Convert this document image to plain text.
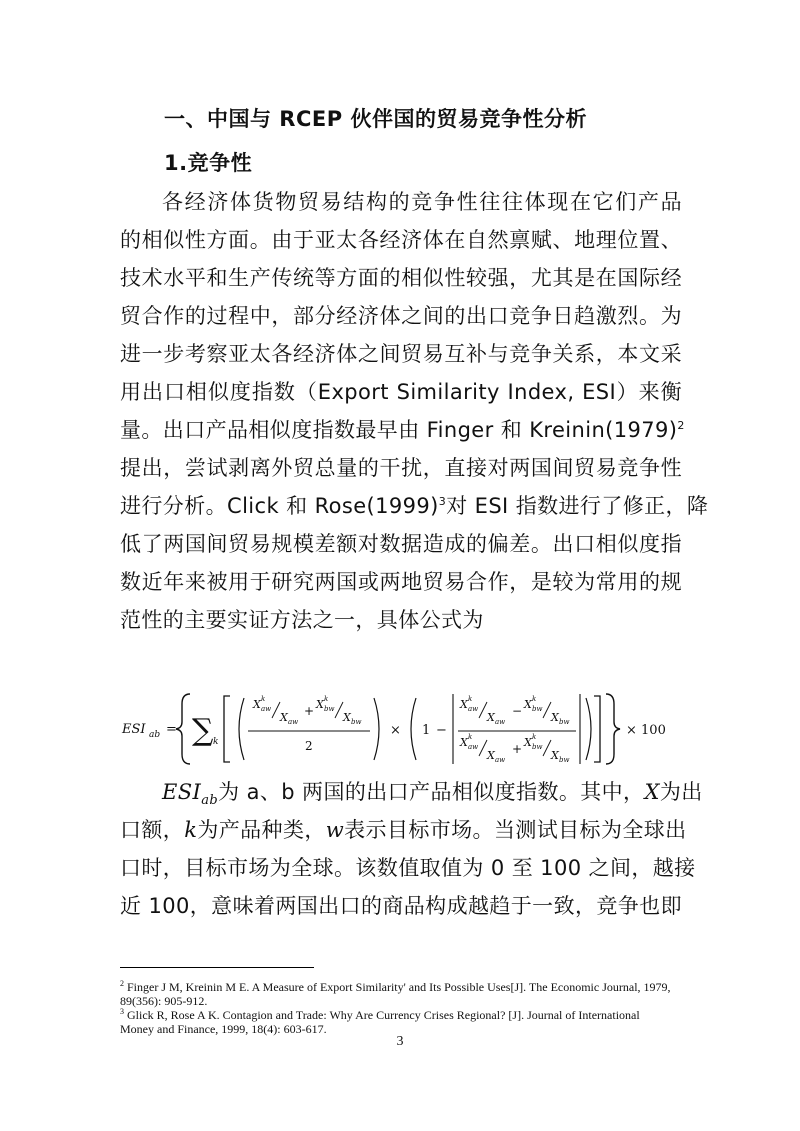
一、中国与 RCEP 伙伴国的贸易竞争性分析
1.竞争性
各经济体货物贸易结构的竞争性往往体现在它们产品
的相似性方面。由于亚太各经济体在自然禀赋、地理位置、
技术水平和生产传统等方面的相似性较强，尤其是在国际经
贸合作的过程中，部分经济体之间的出口竞争日趋激烈。为
进一步考察亚太各经济体之间贸易互补与竞争关系，本文采
用出口相似度指数（Export Similarity Index, ESI）来衡
量。出口产品相似度指数最早由 Finger 和 Kreinin(1979)$^2$
提出，尝试剥离外贸总量的干扰，直接对两国间贸易竞争性
进行分析。Click 和 Rose(1999)$^3$对 ESI 指数进行了修正，降
低了两国间贸易规模差额对数据造成的偏差。出口相似度指
数近年来被用于研究两国或两地贸易合作，是较为常用的规
范性的主要实证方法之一，具体公式为
ESI ab = ∑ k
X k
aw
X aw
+ X k
bw
X bw
2
× 1 −
X k
aw
X aw
− X k
bw
X bw
X k
aw
X aw
+ X k
bw
X bw
× 100
$ESI_{ab}$为 a、b 两国的出口产品相似度指数。其中，X为出
口额，k为产品种类，w表示目标市场。当测试目标为全球出
口时，目标市场为全球。该数值取值为 0 至 100 之间，越接
近 100，意味着两国出口的商品构成越趋于一致，竞争也即
$^2$ Finger J M, Kreinin M E. A Measure of Export Similarity' and Its Possible Uses[J]. The Economic Journal, 1979,
89(356): 905-912.
$^3$ Glick R, Rose A K. Contagion and Trade: Why Are Currency Crises Regional? [J]. Journal of International
Money and Finance, 1999, 18(4): 603-617.
3
